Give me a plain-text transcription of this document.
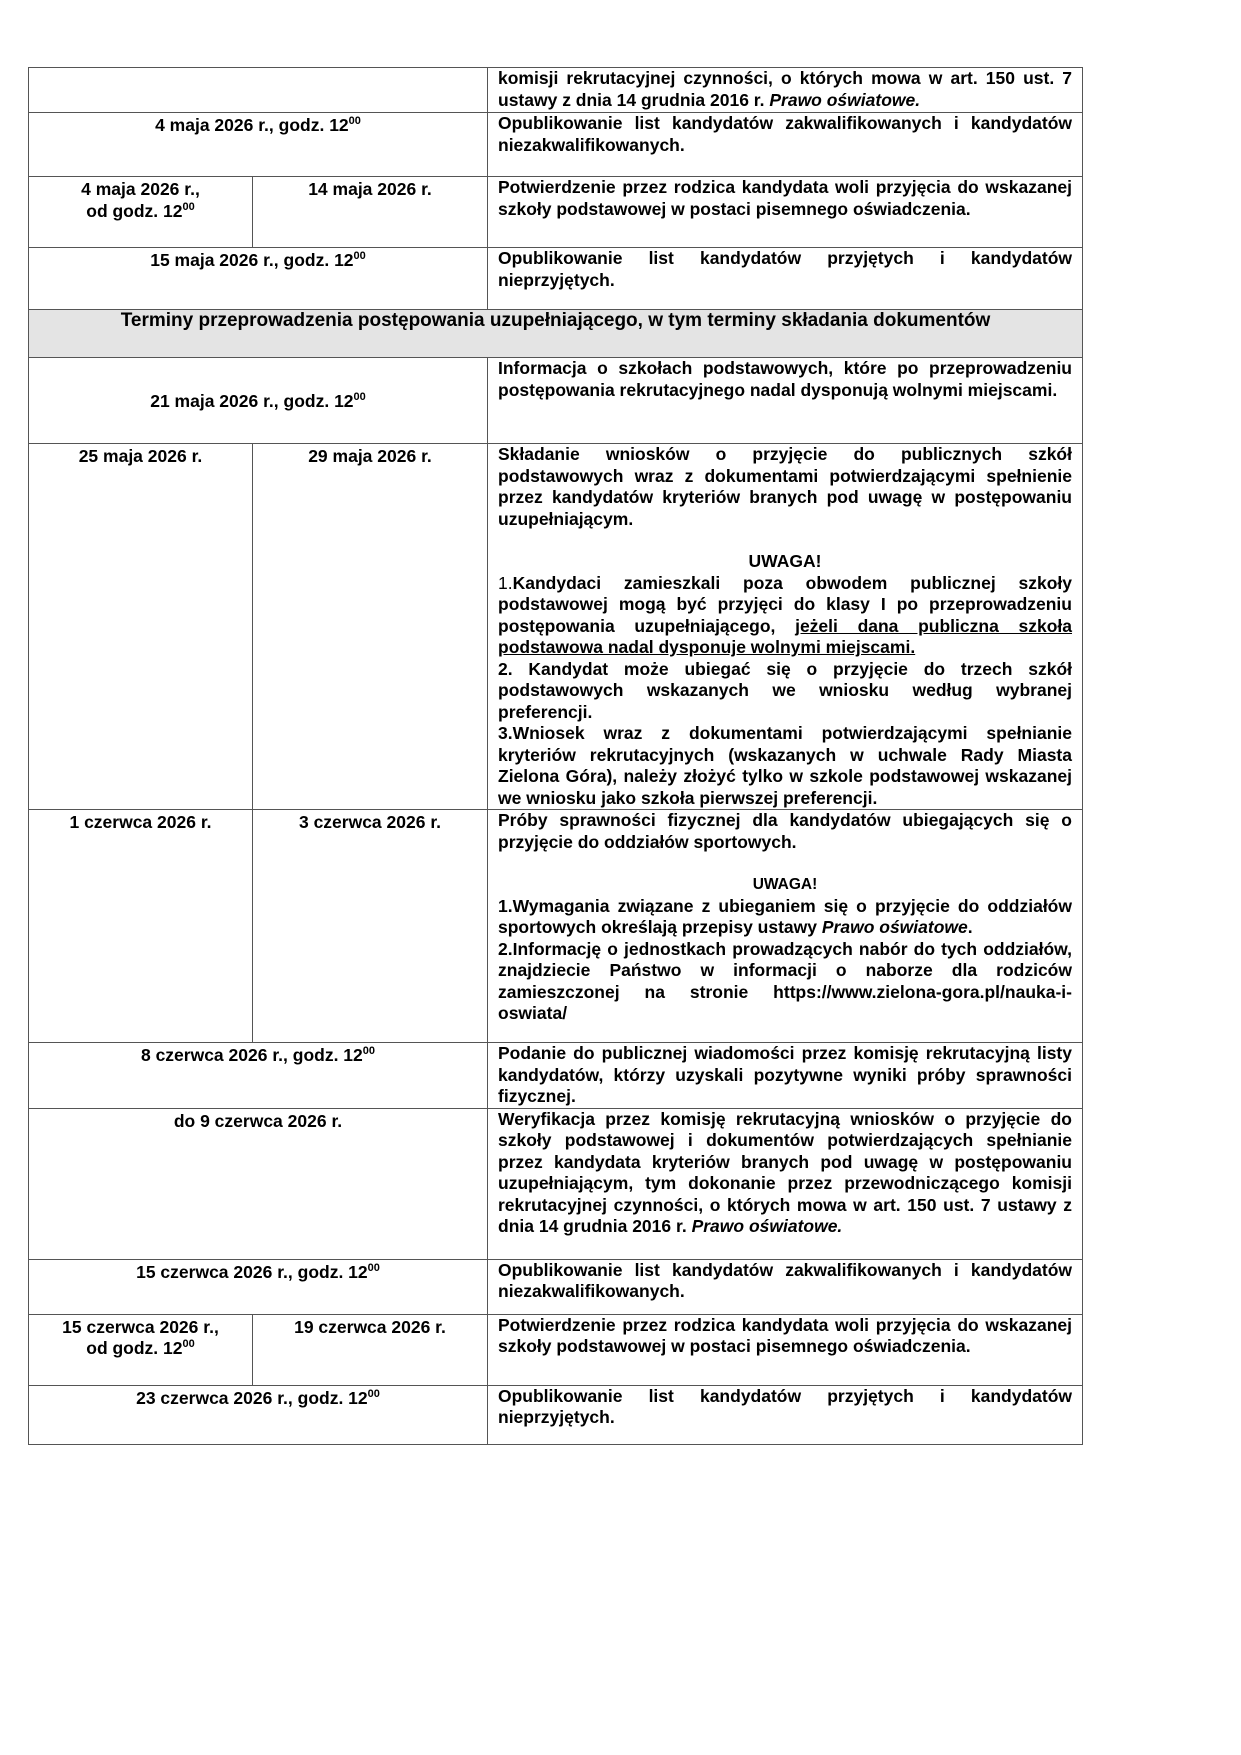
		komisji rekrutacyjnej czynności, o których mowa w art. 150 ust. 7 ustawy z dnia 14 grudnia 2016 r. Prawo oświatowe.
4 maja 2026 r., godz. $12^{00}$		Opublikowanie list kandydatów zakwalifikowanych i kandydatów niezakwalifikowanych.
4 maja 2026 r.,
od godz. $12^{00}$	14 maja 2026 r.	Potwierdzenie przez rodzica kandydata woli przyjęcia do wskazanej szkoły podstawowej w postaci pisemnego oświadczenia.
15 maja 2026 r., godz. $12^{00}$		Opublikowanie list kandydatów przyjętych i kandydatów nieprzyjętych.
Terminy przeprowadzenia postępowania uzupełniającego, w tym terminy składania dokumentów		
21 maja 2026 r., godz. $12^{00}$		Informacja o szkołach podstawowych, które po przeprowadzeniu postępowania rekrutacyjnego nadal dysponują wolnymi miejscami.
25 maja 2026 r.	29 maja 2026 r.	Składanie wniosków o przyjęcie do publicznych szkół podstawowych wraz z dokumentami potwierdzającymi spełnienie przez kandydatów kryteriów branych pod uwagę w postępowaniu uzupełniającym.
UWAGA!
1.Kandydaci zamieszkali poza obwodem publicznej szkoły podstawowej mogą być przyjęci do klasy I po przeprowadzeniu postępowania uzupełniającego, jeżeli dana publiczna szkoła podstawowa nadal dysponuje wolnymi miejscami.
2. Kandydat może ubiegać się o przyjęcie do trzech szkół podstawowych wskazanych we wniosku według wybranej preferencji.
3.Wniosek wraz z dokumentami potwierdzającymi spełnianie kryteriów rekrutacyjnych (wskazanych w uchwale Rady Miasta Zielona Góra), należy złożyć tylko w szkole podstawowej wskazanej we wniosku jako szkoła pierwszej preferencji.

1 czerwca 2026 r.	3 czerwca 2026 r.	Próby sprawności fizycznej dla kandydatów ubiegających się o przyjęcie do oddziałów sportowych.
UWAGA!
1.Wymagania związane z ubieganiem się o przyjęcie do oddziałów sportowych określają przepisy ustawy Prawo oświatowe.
2.Informację o jednostkach prowadzących nabór do tych oddziałów, znajdziecie Państwo w informacji o naborze dla rodziców zamieszczonej na stronie https://www.zielona-gora.pl/nauka-i-oswiata/

8 czerwca 2026 r., godz. $12^{00}$		Podanie do publicznej wiadomości przez komisję rekrutacyjną listy kandydatów, którzy uzyskali pozytywne wyniki próby sprawności fizycznej.
do 9 czerwca 2026 r.		Weryfikacja przez komisję rekrutacyjną wniosków o przyjęcie do szkoły podstawowej i dokumentów potwierdzających spełnianie przez kandydata kryteriów branych pod uwagę w postępowaniu uzupełniającym, tym dokonanie przez przewodniczącego komisji rekrutacyjnej czynności, o których mowa w art. 150 ust. 7 ustawy z dnia 14 grudnia 2016 r. Prawo oświatowe.
15 czerwca 2026 r., godz. $12^{00}$		Opublikowanie list kandydatów zakwalifikowanych i kandydatów niezakwalifikowanych.
15 czerwca 2026 r.,
od godz. $12^{00}$	19 czerwca 2026 r.	Potwierdzenie przez rodzica kandydata woli przyjęcia do wskazanej szkoły podstawowej w postaci pisemnego oświadczenia.
23 czerwca 2026 r., godz. $12^{00}$		Opublikowanie list kandydatów przyjętych i kandydatów nieprzyjętych.
